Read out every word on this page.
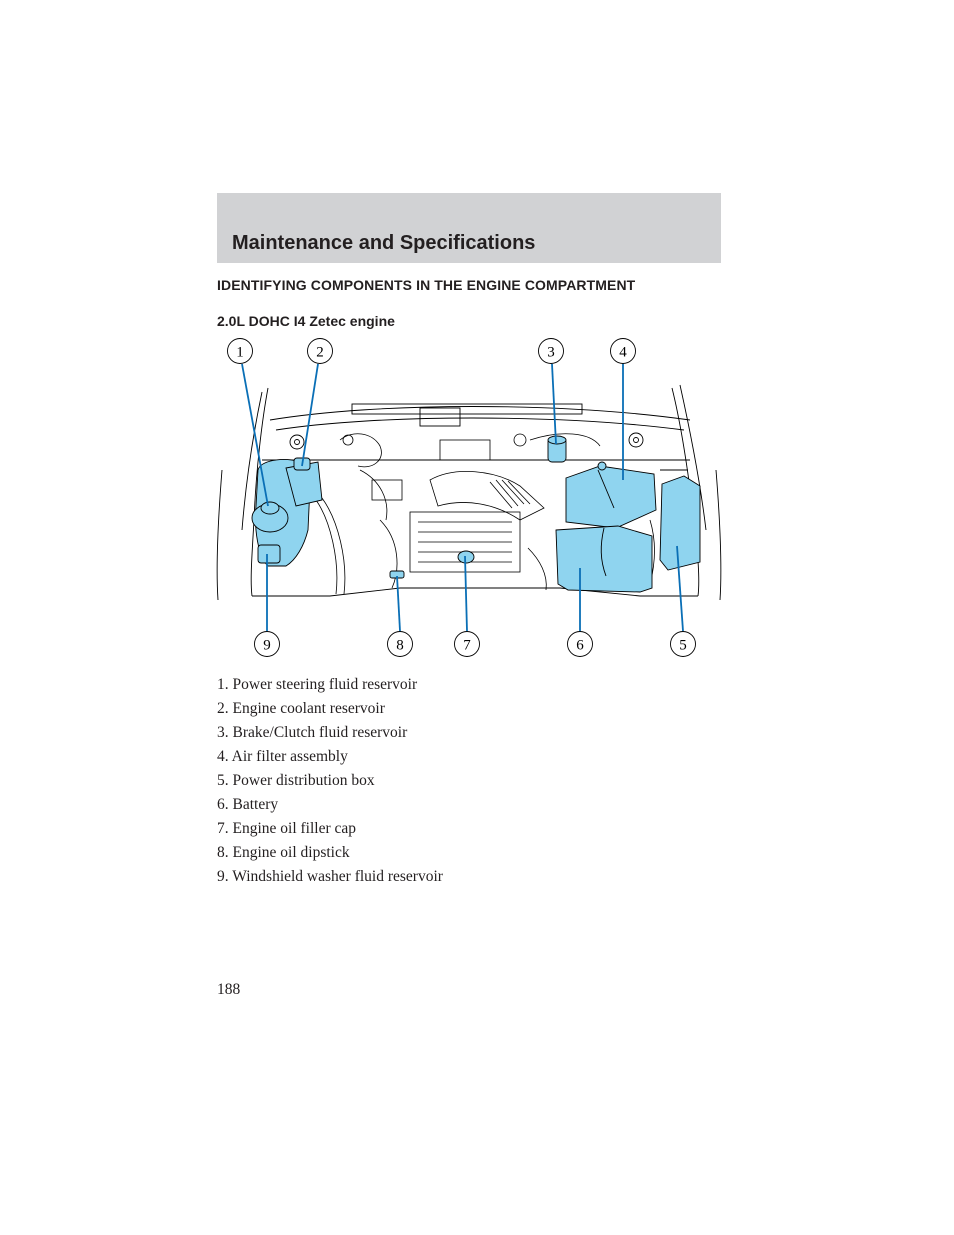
Maintenance and Specifications
IDENTIFYING COMPONENTS IN THE ENGINE COMPARTMENT
2.0L DOHC I4 Zetec engine
1	2	3	4
5
6
7
8
9
1. Power steering fluid reservoir
2. Engine coolant reservoir
3. Brake/Clutch fluid reservoir
4. Air filter assembly
5. Power distribution box
6. Battery
7. Engine oil filler cap
8. Engine oil dipstick
9. Windshield washer fluid reservoir
188
